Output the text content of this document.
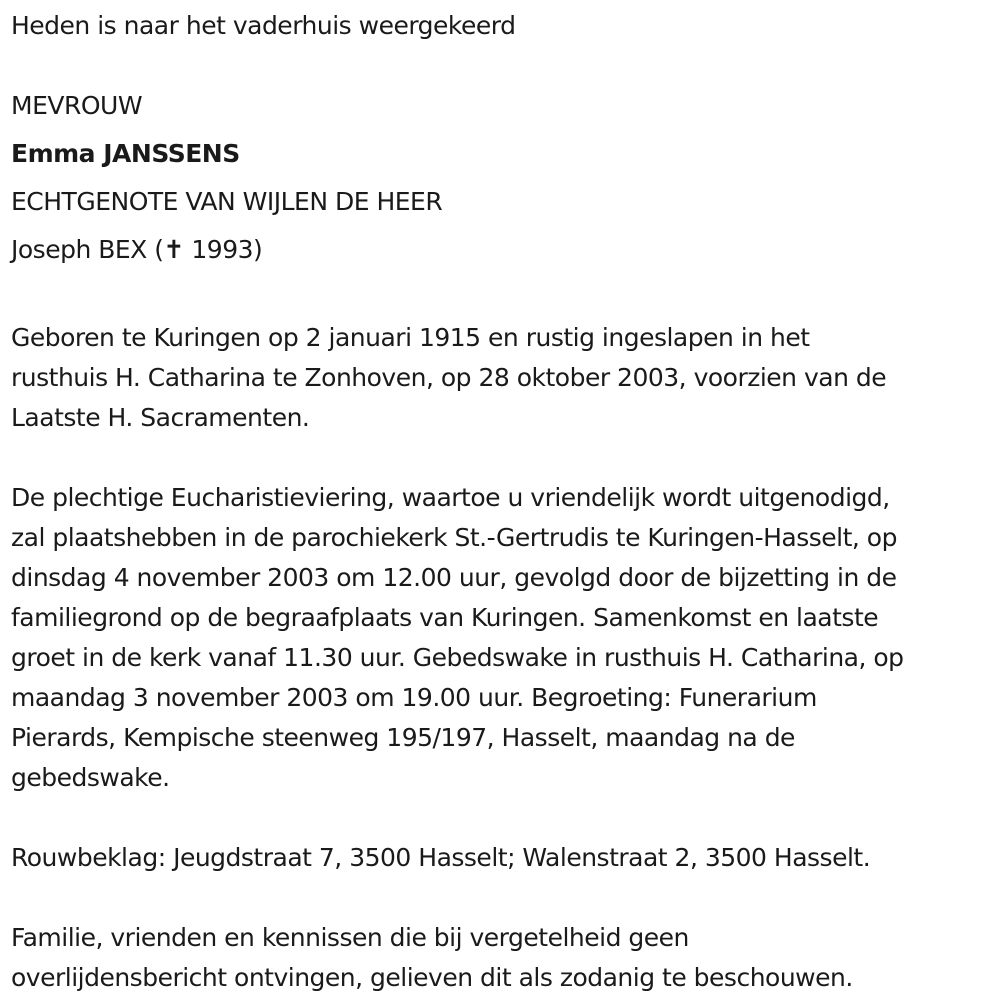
Heden is naar het vaderhuis weergekeerd
MEVROUW
Emma JANSSENS
ECHTGENOTE VAN WIJLEN DE HEER
Joseph BEX (✝ 1993)

Geboren te Kuringen op 2 januari 1915 en rustig ingeslapen in het
rusthuis H. Catharina te Zonhoven, op 28 oktober 2003, voorzien van de
Laatste H. Sacramenten.

De plechtige Eucharistieviering, waartoe u vriendelijk wordt uitgenodigd,
zal plaatshebben in de parochiekerk St.-Gertrudis te Kuringen-Hasselt, op
dinsdag 4 november 2003 om 12.00 uur, gevolgd door de bijzetting in de
familiegrond op de begraafplaats van Kuringen. Samenkomst en laatste
groet in de kerk vanaf 11.30 uur. Gebedswake in rusthuis H. Catharina, op
maandag 3 november 2003 om 19.00 uur. Begroeting: Funerarium
Pierards, Kempische steenweg 195/197, Hasselt, maandag na de
gebedswake.

Rouwbeklag: Jeugdstraat 7, 3500 Hasselt; Walenstraat 2, 3500 Hasselt.

Familie, vrienden en kennissen die bij vergetelheid geen
overlijdensbericht ontvingen, gelieven dit als zodanig te beschouwen.
